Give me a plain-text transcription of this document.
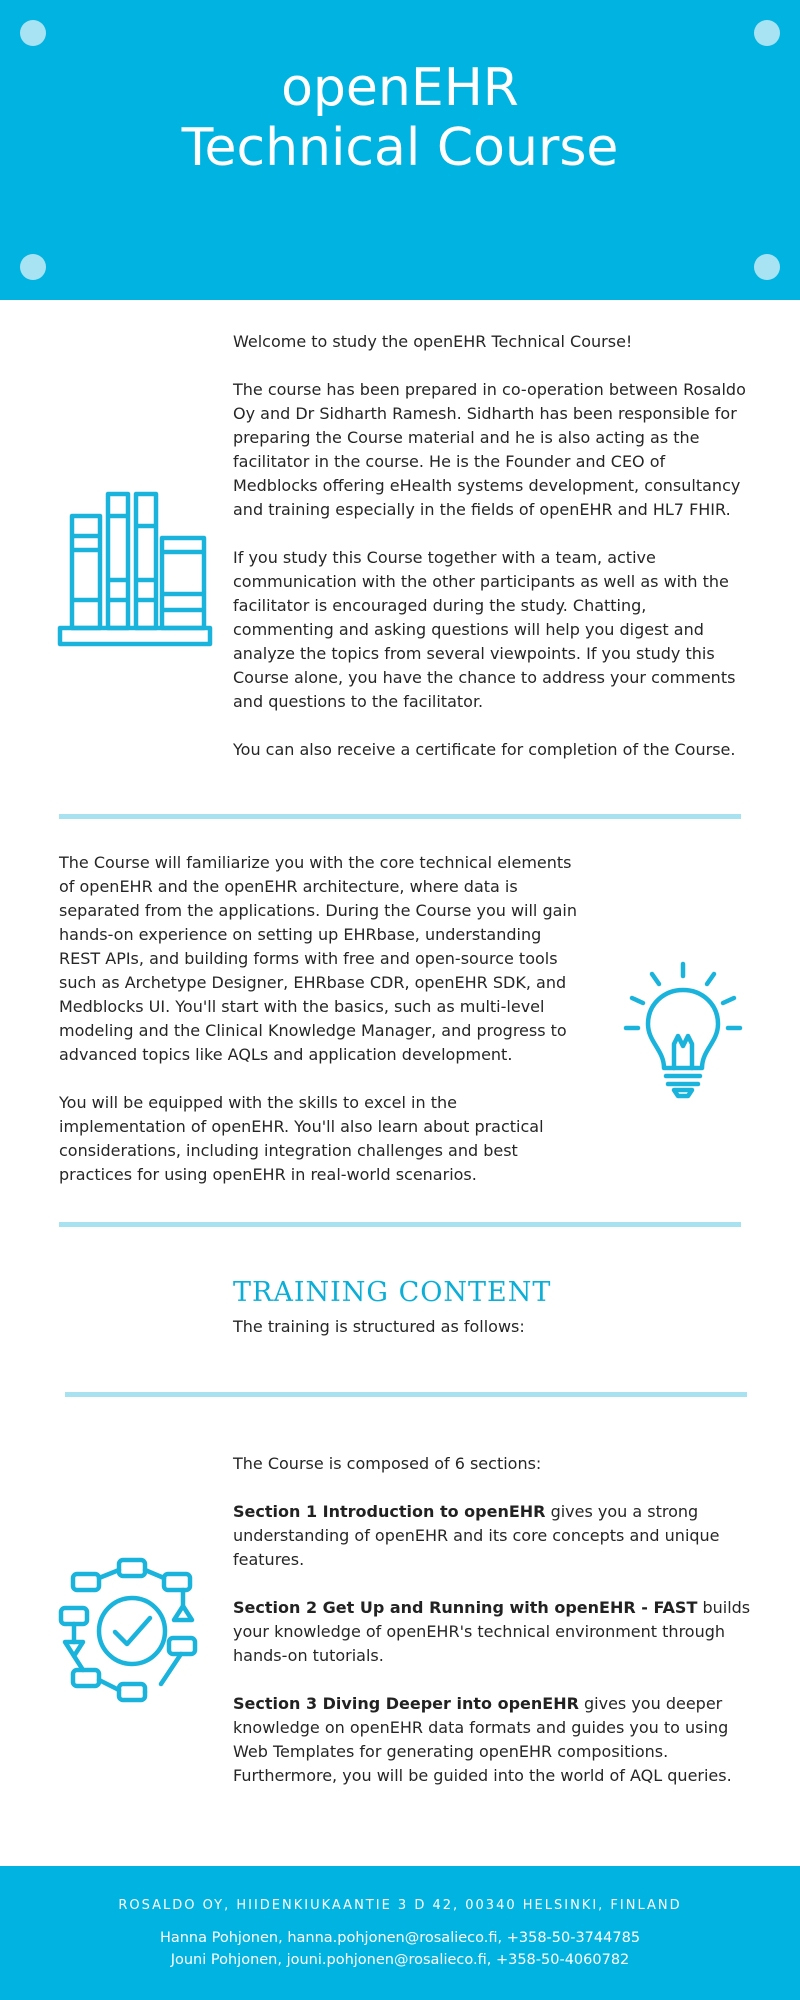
openEHR
Technical Course

Welcome to study the openEHR Technical Course!

The course has been prepared in co-operation between Rosaldo Oy and Dr Sidharth Ramesh. Sidharth has been responsible for preparing the Course material and he is also acting as the facilitator in the course. He is the Founder and CEO of Medblocks offering eHealth systems development, consultancy and training especially in the fields of openEHR and HL7 FHIR.

If you study this Course together with a team, active communication with the other participants as well as with the facilitator is encouraged during the study. Chatting, commenting and asking questions will help you digest and analyze the topics from several viewpoints. If you study this Course alone, you have the chance to address your comments and questions to the facilitator.

You can also receive a certificate for completion of the Course.

The Course will familiarize you with the core technical elements of openEHR and the openEHR architecture, where data is separated from the applications. During the Course you will gain hands-on experience on setting up EHRbase, understanding REST APIs, and building forms with free and open-source tools such as Archetype Designer, EHRbase CDR, openEHR SDK, and Medblocks UI. You'll start with the basics, such as multi-level modeling and the Clinical Knowledge Manager, and progress to advanced topics like AQLs and application development.

You will be equipped with the skills to excel in the implementation of openEHR. You'll also learn about practical considerations, including integration challenges and best practices for using openEHR in real-world scenarios.

TRAINING CONTENT
The training is structured as follows:

The Course is composed of 6 sections:

Section 1 Introduction to openEHR gives you a strong understanding of openEHR and its core concepts and unique features.

Section 2 Get Up and Running with openEHR - FAST builds your knowledge of openEHR's technical environment through hands-on tutorials.

Section 3 Diving Deeper into openEHR gives you deeper knowledge on openEHR data formats and guides you to using Web Templates for generating openEHR compositions. Furthermore, you will be guided into the world of AQL queries.

ROSALDO OY, HIIDENKIUKAANTIE 3 D 42, 00340 HELSINKI, FINLAND
Hanna Pohjonen, hanna.pohjonen@rosalieco.fi, +358-50-3744785
Jouni Pohjonen, jouni.pohjonen@rosalieco.fi, +358-50-4060782
